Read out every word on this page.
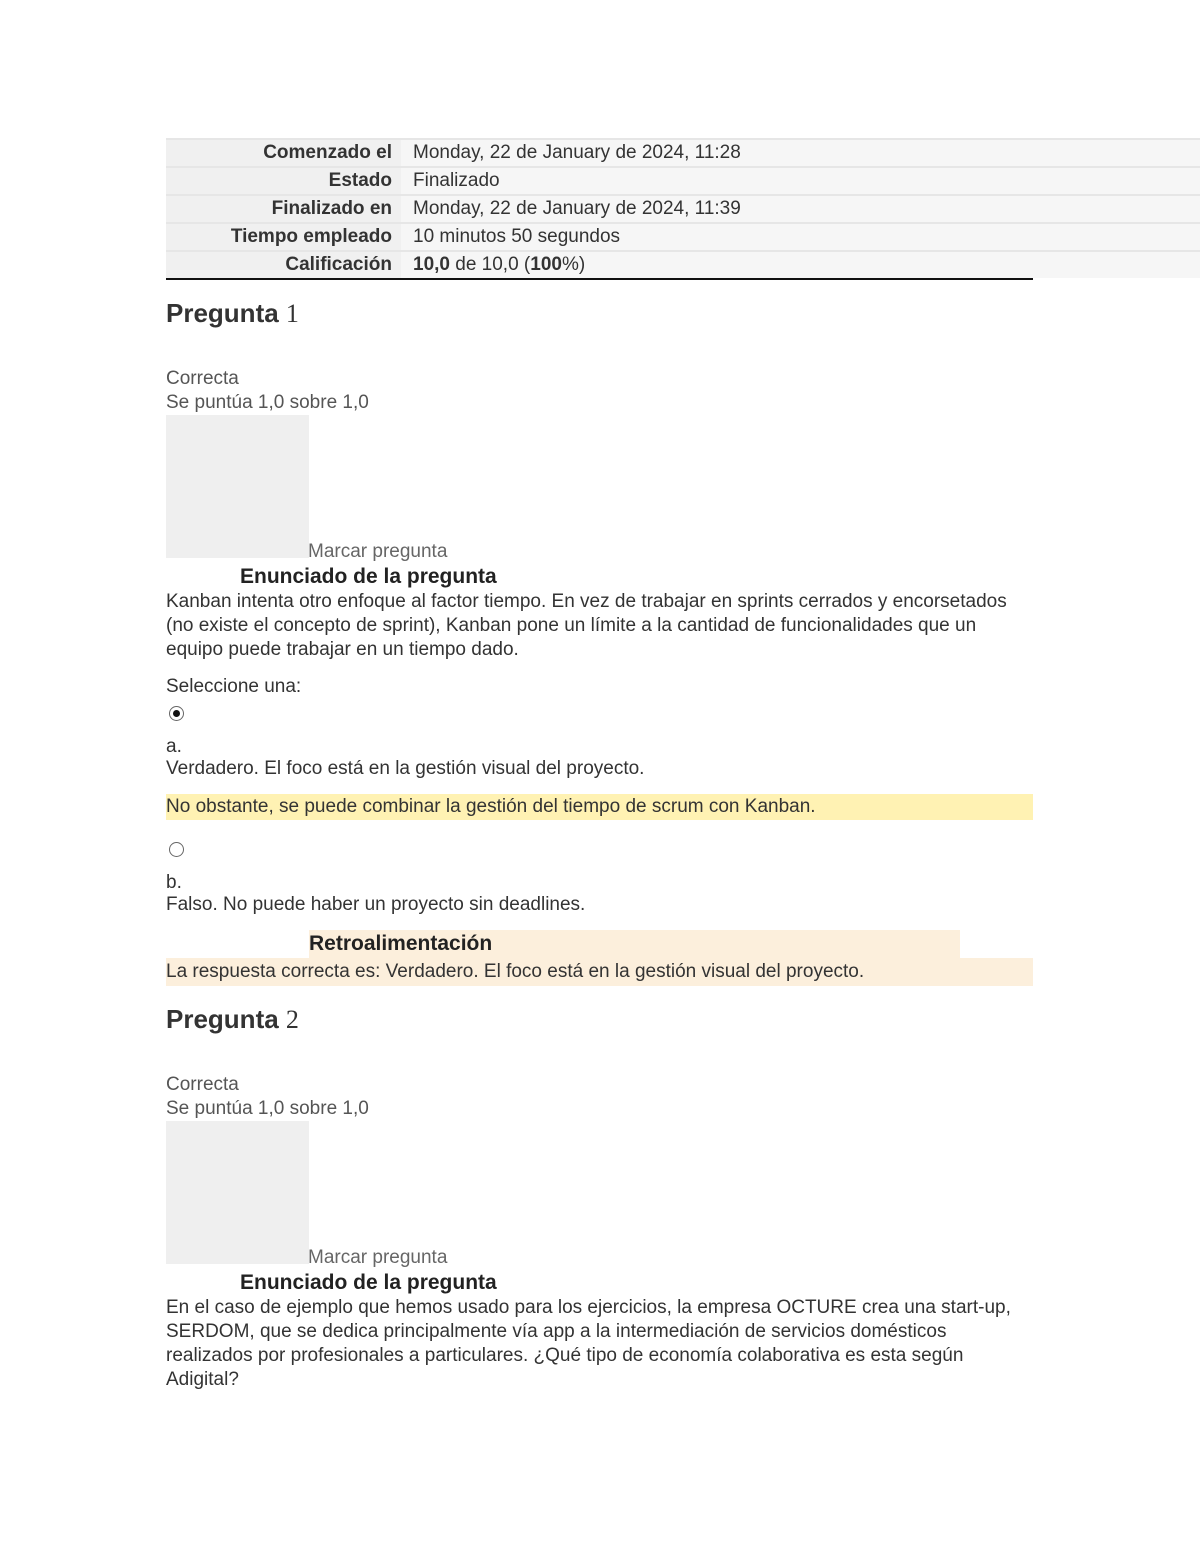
Comenzado el	Monday, 22 de January de 2024, 11:28
Estado	Finalizado
Finalizado en	Monday, 22 de January de 2024, 11:39
Tiempo empleado	10 minutos 50 segundos
Calificación	10,0 de 10,0 (100%)
Pregunta 1
Correcta
Se puntúa 1,0 sobre 1,0
Marcar pregunta
Enunciado de la pregunta
Kanban intenta otro enfoque al factor tiempo. En vez de trabajar en sprints cerrados y encorsetados (no existe el concepto de sprint), Kanban pone un límite a la cantidad de funcionalidades que un equipo puede trabajar en un tiempo dado.
Seleccione una:
a.
Verdadero. El foco está en la gestión visual del proyecto.
No obstante, se puede combinar la gestión del tiempo de scrum con Kanban.
b.
Falso. No puede haber un proyecto sin deadlines.
Retroalimentación
La respuesta correcta es: Verdadero. El foco está en la gestión visual del proyecto.
Pregunta 2
Correcta
Se puntúa 1,0 sobre 1,0
Marcar pregunta
Enunciado de la pregunta
En el caso de ejemplo que hemos usado para los ejercicios, la empresa OCTURE crea una start-up, SERDOM, que se dedica principalmente vía app a la intermediación de servicios domésticos realizados por profesionales a particulares. ¿Qué tipo de economía colaborativa es esta según Adigital?
